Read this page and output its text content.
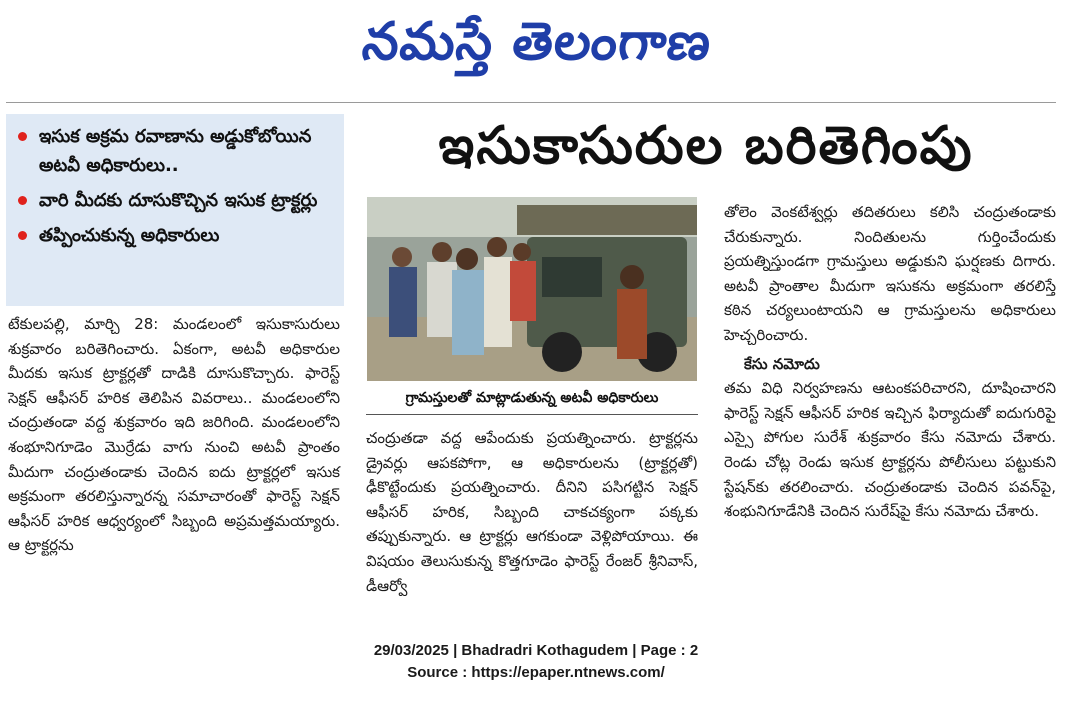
నమస్తే తెలంగాణ
ఇసుక అక్రమ రవాణాను అడ్డుకోబోయిన అటవీ అధికారులు..
వారి మీదకు దూసుకొచ్చిన ఇసుక ట్రాక్టర్లు
తప్పించుకున్న అధికారులు
ఇసుకాసురుల బరితెగింపు
గ్రామస్తులతో మాట్లాడుతున్న అటవీ అధికారులు

టేకులపల్లి, మార్చి 28: మండలంలో ఇసుకాసురులు శుక్రవారం బరితెగించారు. ఏకంగా, అటవీ అధికారుల మీదకు ఇసుక ట్రాక్టర్లతో దాడికి దూసుకొచ్చారు. ఫారెస్ట్ సెక్షన్ ఆఫీసర్ హరిక తెలిపిన వివరాలు.. మండలంలోని చంద్రుతండా వద్ద శుక్రవారం ఇది జరిగింది. మండలంలోని శంభూనిగూడెం మొర్రేడు వాగు నుంచి అటవీ ప్రాంతం మీదుగా చంద్రుతండాకు చెందిన ఐదు ట్రాక్టర్లలో ఇసుక అక్రమంగా తరలిస్తున్నారన్న సమాచారంతో ఫారెస్ట్ సెక్షన్ ఆఫీసర్ హరిక ఆధ్వర్యంలో సిబ్బంది అప్రమత్తమయ్యారు. ఆ ట్రాక్టర్లను

చంద్రుతడా వద్ద ఆపేందుకు ప్రయత్నించారు. ట్రాక్టర్లను డ్రైవర్లు ఆపకపోగా, ఆ అధికారులను (ట్రాక్టర్లతో) ఢీకొట్టేందుకు ప్రయత్నించారు. దీనిని పసిగట్టిన సెక్షన్ ఆఫీసర్ హరిక, సిబ్బంది చాకచక్యంగా పక్కకు తప్పుకున్నారు. ఆ ట్రాక్టర్లు ఆగకుండా వెళ్లిపోయాయి. ఈ విషయం తెలుసుకున్న కొత్తగూడెం ఫారెస్ట్ రేంజర్ శ్రీనివాస్, డీఆర్వో

తోలెం వెంకటేశ్వర్లు తదితరులు కలిసి చంద్రుతండాకు చేరుకున్నారు. నిందితులను గుర్తించేందుకు ప్రయత్నిస్తుండగా గ్రామస్తులు అడ్డుకుని ఘర్షణకు దిగారు. అటవీ ప్రాంతాల మీదుగా ఇసుకను అక్రమంగా తరలిస్తే కఠిన చర్యలుంటాయని ఆ గ్రామస్తులను అధికారులు హెచ్చరించారు.

కేసు నమోదు

తమ విధి నిర్వహణను ఆటంకపరిచారని, దూషించారని ఫారెస్ట్ సెక్షన్ ఆఫీసర్ హరిక ఇచ్చిన ఫిర్యాదుతో ఐదుగురిపై ఎస్సై పోగుల సురేశ్ శుక్రవారం కేసు నమోదు చేశారు. రెండు చోట్ల రెండు ఇసుక ట్రాక్టర్లను పోలీసులు పట్టుకుని స్టేషన్‌కు తరలించారు. చంద్రుతండాకు చెందిన పవన్‌పై, శంభునిగూడేనికి చెందిన సురేష్‌పై కేసు నమోదు చేశారు.

29/03/2025 | Bhadradri Kothagudem | Page : 2
Source : https://epaper.ntnews.com/
